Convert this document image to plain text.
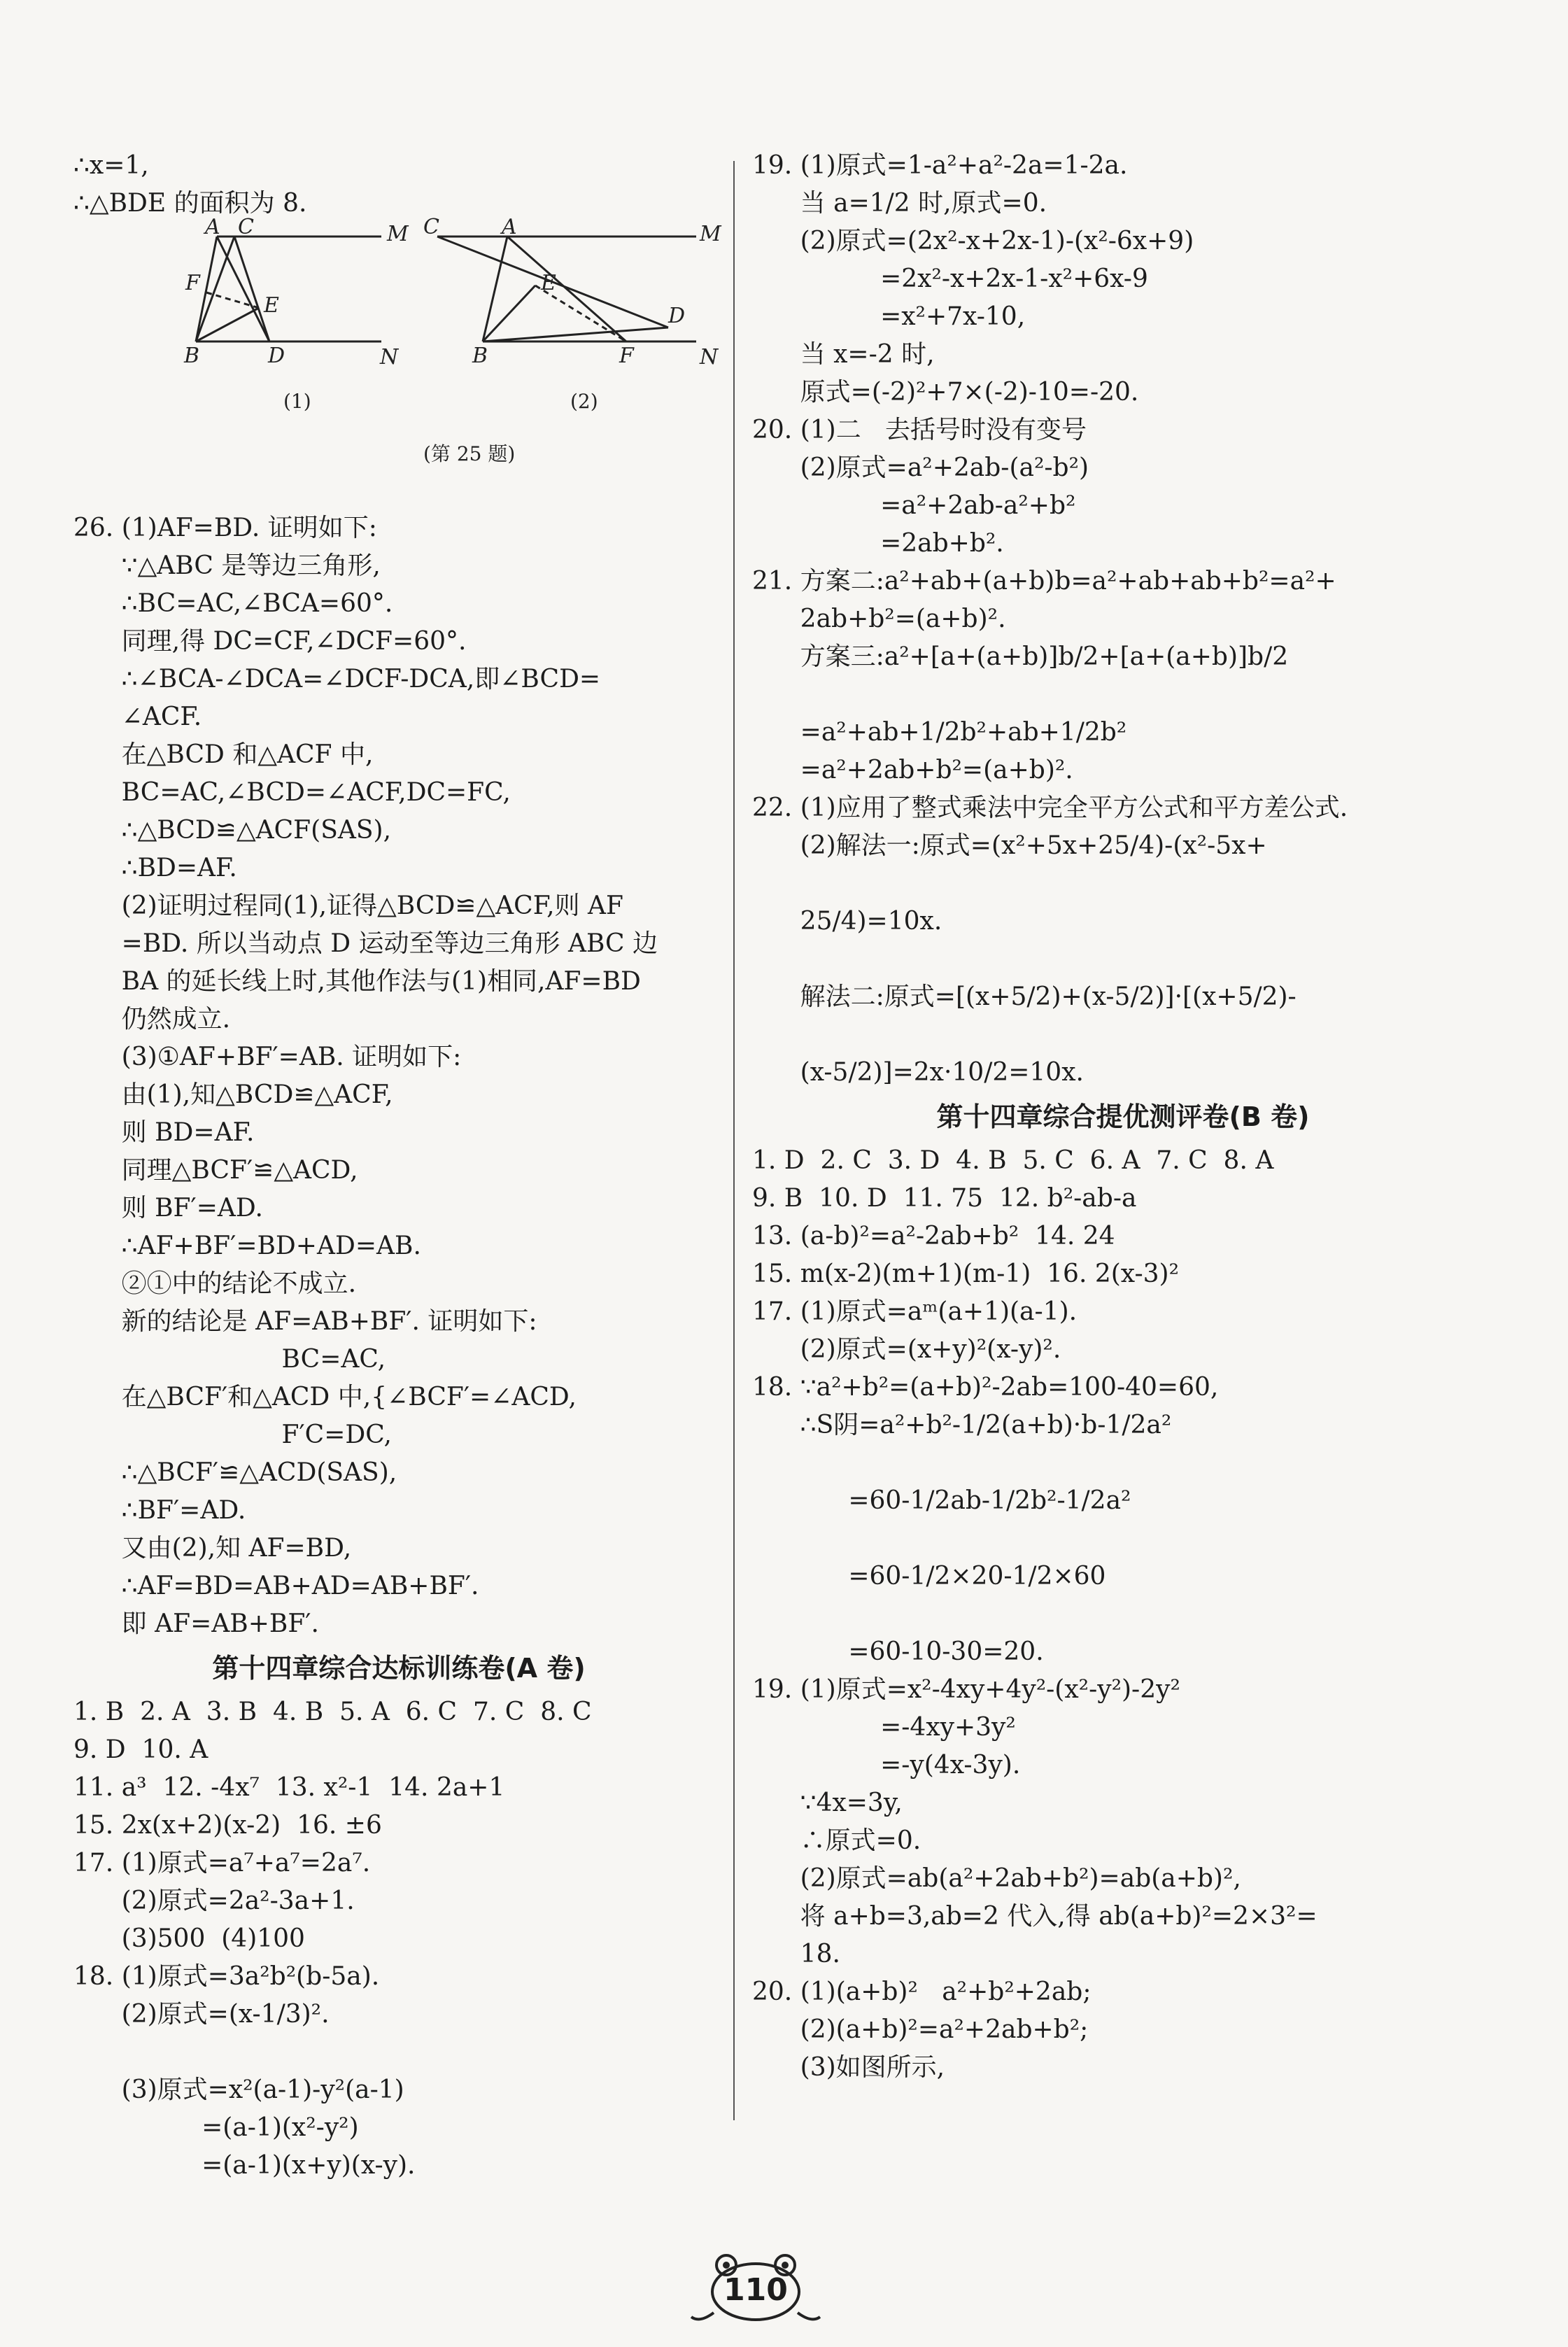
∴x=1,
∴△BDE 的面积为 8.
A C	M
F
E
B	D	N
C	A	M
E
D
B	F	N
(1)	(2)
(第 25 题)
26. (1)AF=BD. 证明如下:
∵△ABC 是等边三角形,
∴BC=AC,∠BCA=60°.
同理,得 DC=CF,∠DCF=60°.
∴∠BCA-∠DCA=∠DCF-DCA,即∠BCD=
∠ACF.
在△BCD 和△ACF 中,
BC=AC,∠BCD=∠ACF,DC=FC,
∴△BCD≌△ACF(SAS),
∴BD=AF.
(2)证明过程同(1),证得△BCD≌△ACF,则 AF
=BD. 所以当动点 D 运动至等边三角形 ABC 边
BA 的延长线上时,其他作法与(1)相同,AF=BD
仍然成立.
(3)①AF+BF′=AB. 证明如下:
由(1),知△BCD≌△ACF,
则 BD=AF.
同理△BCF′≌△ACD,
则 BF′=AD.
∴AF+BF′=BD+AD=AB.
②①中的结论不成立.
新的结论是 AF=AB+BF′. 证明如下:
BC=AC,
在△BCF′和△ACD 中,{∠BCF′=∠ACD,
F′C=DC,
∴△BCF′≌△ACD(SAS),
∴BF′=AD.
又由(2),知 AF=BD,
∴AF=BD=AB+AD=AB+BF′.
即 AF=AB+BF′.
第十四章综合达标训练卷(A 卷)
1. B  2. A  3. B  4. B  5. A  6. C  7. C  8. C
9. D  10. A
11. a³  12. -4x⁷  13. x²-1  14. 2a+1
15. 2x(x+2)(x-2)  16. ±6
17. (1)原式=a⁷+a⁷=2a⁷.
(2)原式=2a²-3a+1.
(3)500  (4)100
18. (1)原式=3a²b²(b-5a).
(2)原式=(x-1/3)².

(3)原式=x²(a-1)-y²(a-1)
=(a-1)(x²-y²)
=(a-1)(x+y)(x-y).
19. (1)原式=1-a²+a²-2a=1-2a.
当 a=1/2 时,原式=0.
(2)原式=(2x²-x+2x-1)-(x²-6x+9)
=2x²-x+2x-1-x²+6x-9
=x²+7x-10,
当 x=-2 时,
原式=(-2)²+7×(-2)-10=-20.
20. (1)二   去括号时没有变号
(2)原式=a²+2ab-(a²-b²)
=a²+2ab-a²+b²
=2ab+b².
21. 方案二:a²+ab+(a+b)b=a²+ab+ab+b²=a²+
2ab+b²=(a+b)².
方案三:a²+[a+(a+b)]b/2+[a+(a+b)]b/2

=a²+ab+1/2b²+ab+1/2b²
=a²+2ab+b²=(a+b)².
22. (1)应用了整式乘法中完全平方公式和平方差公式.
(2)解法一:原式=(x²+5x+25/4)-(x²-5x+

25/4)=10x.

解法二:原式=[(x+5/2)+(x-5/2)]·[(x+5/2)-

(x-5/2)]=2x·10/2=10x.
第十四章综合提优测评卷(B 卷)
1. D  2. C  3. D  4. B  5. C  6. A  7. C  8. A
9. B  10. D  11. 75  12. b²-ab-a
13. (a-b)²=a²-2ab+b²  14. 24
15. m(x-2)(m+1)(m-1)  16. 2(x-3)²
17. (1)原式=aᵐ(a+1)(a-1).
(2)原式=(x+y)²(x-y)².
18. ∵a²+b²=(a+b)²-2ab=100-40=60,
∴S阴=a²+b²-1/2(a+b)·b-1/2a²

=60-1/2ab-1/2b²-1/2a²

=60-1/2×20-1/2×60

=60-10-30=20.
19. (1)原式=x²-4xy+4y²-(x²-y²)-2y²
=-4xy+3y²
=-y(4x-3y).
∵4x=3y,
∴原式=0.
(2)原式=ab(a²+2ab+b²)=ab(a+b)²,
将 a+b=3,ab=2 代入,得 ab(a+b)²=2×3²=
18.
20. (1)(a+b)²   a²+b²+2ab;
(2)(a+b)²=a²+2ab+b²;
(3)如图所示,
110
